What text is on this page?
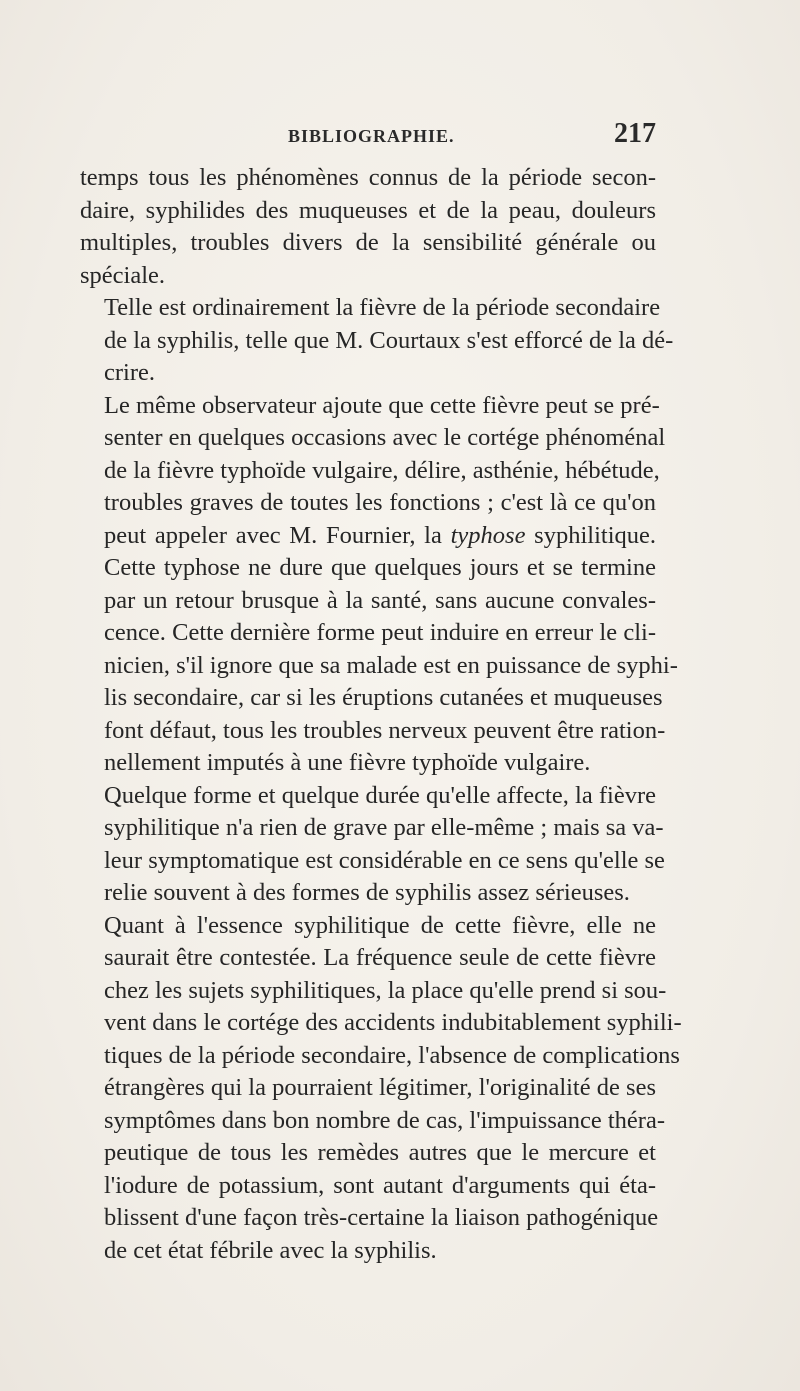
BIBLIOGRAPHIE.	217

temps tous les phénomènes connus de la période secon-
daire, syphilides des muqueuses et de la peau, douleurs
multiples, troubles divers de la sensibilité générale ou
spéciale.

Telle est ordinairement la fièvre de la période secondaire
de la syphilis, telle que M. Courtaux s'est efforcé de la dé-
crire.

Le même observateur ajoute que cette fièvre peut se pré-
senter en quelques occasions avec le cortége phénoménal
de la fièvre typhoïde vulgaire, délire, asthénie, hébétude,
troubles graves de toutes les fonctions ; c'est là ce qu'on
peut appeler avec M. Fournier, la typhose syphilitique.
Cette typhose ne dure que quelques jours et se termine
par un retour brusque à la santé, sans aucune convales-
cence. Cette dernière forme peut induire en erreur le cli-
nicien, s'il ignore que sa malade est en puissance de syphi-
lis secondaire, car si les éruptions cutanées et muqueuses
font défaut, tous les troubles nerveux peuvent être ration-
nellement imputés à une fièvre typhoïde vulgaire.

Quelque forme et quelque durée qu'elle affecte, la fièvre
syphilitique n'a rien de grave par elle-même ; mais sa va-
leur symptomatique est considérable en ce sens qu'elle se
relie souvent à des formes de syphilis assez sérieuses.

Quant à l'essence syphilitique de cette fièvre, elle ne
saurait être contestée. La fréquence seule de cette fièvre
chez les sujets syphilitiques, la place qu'elle prend si sou-
vent dans le cortége des accidents indubitablement syphili-
tiques de la période secondaire, l'absence de complications
étrangères qui la pourraient légitimer, l'originalité de ses
symptômes dans bon nombre de cas, l'impuissance théra-
peutique de tous les remèdes autres que le mercure et
l'iodure de potassium, sont autant d'arguments qui éta-
blissent d'une façon très-certaine la liaison pathogénique
de cet état fébrile avec la syphilis.
